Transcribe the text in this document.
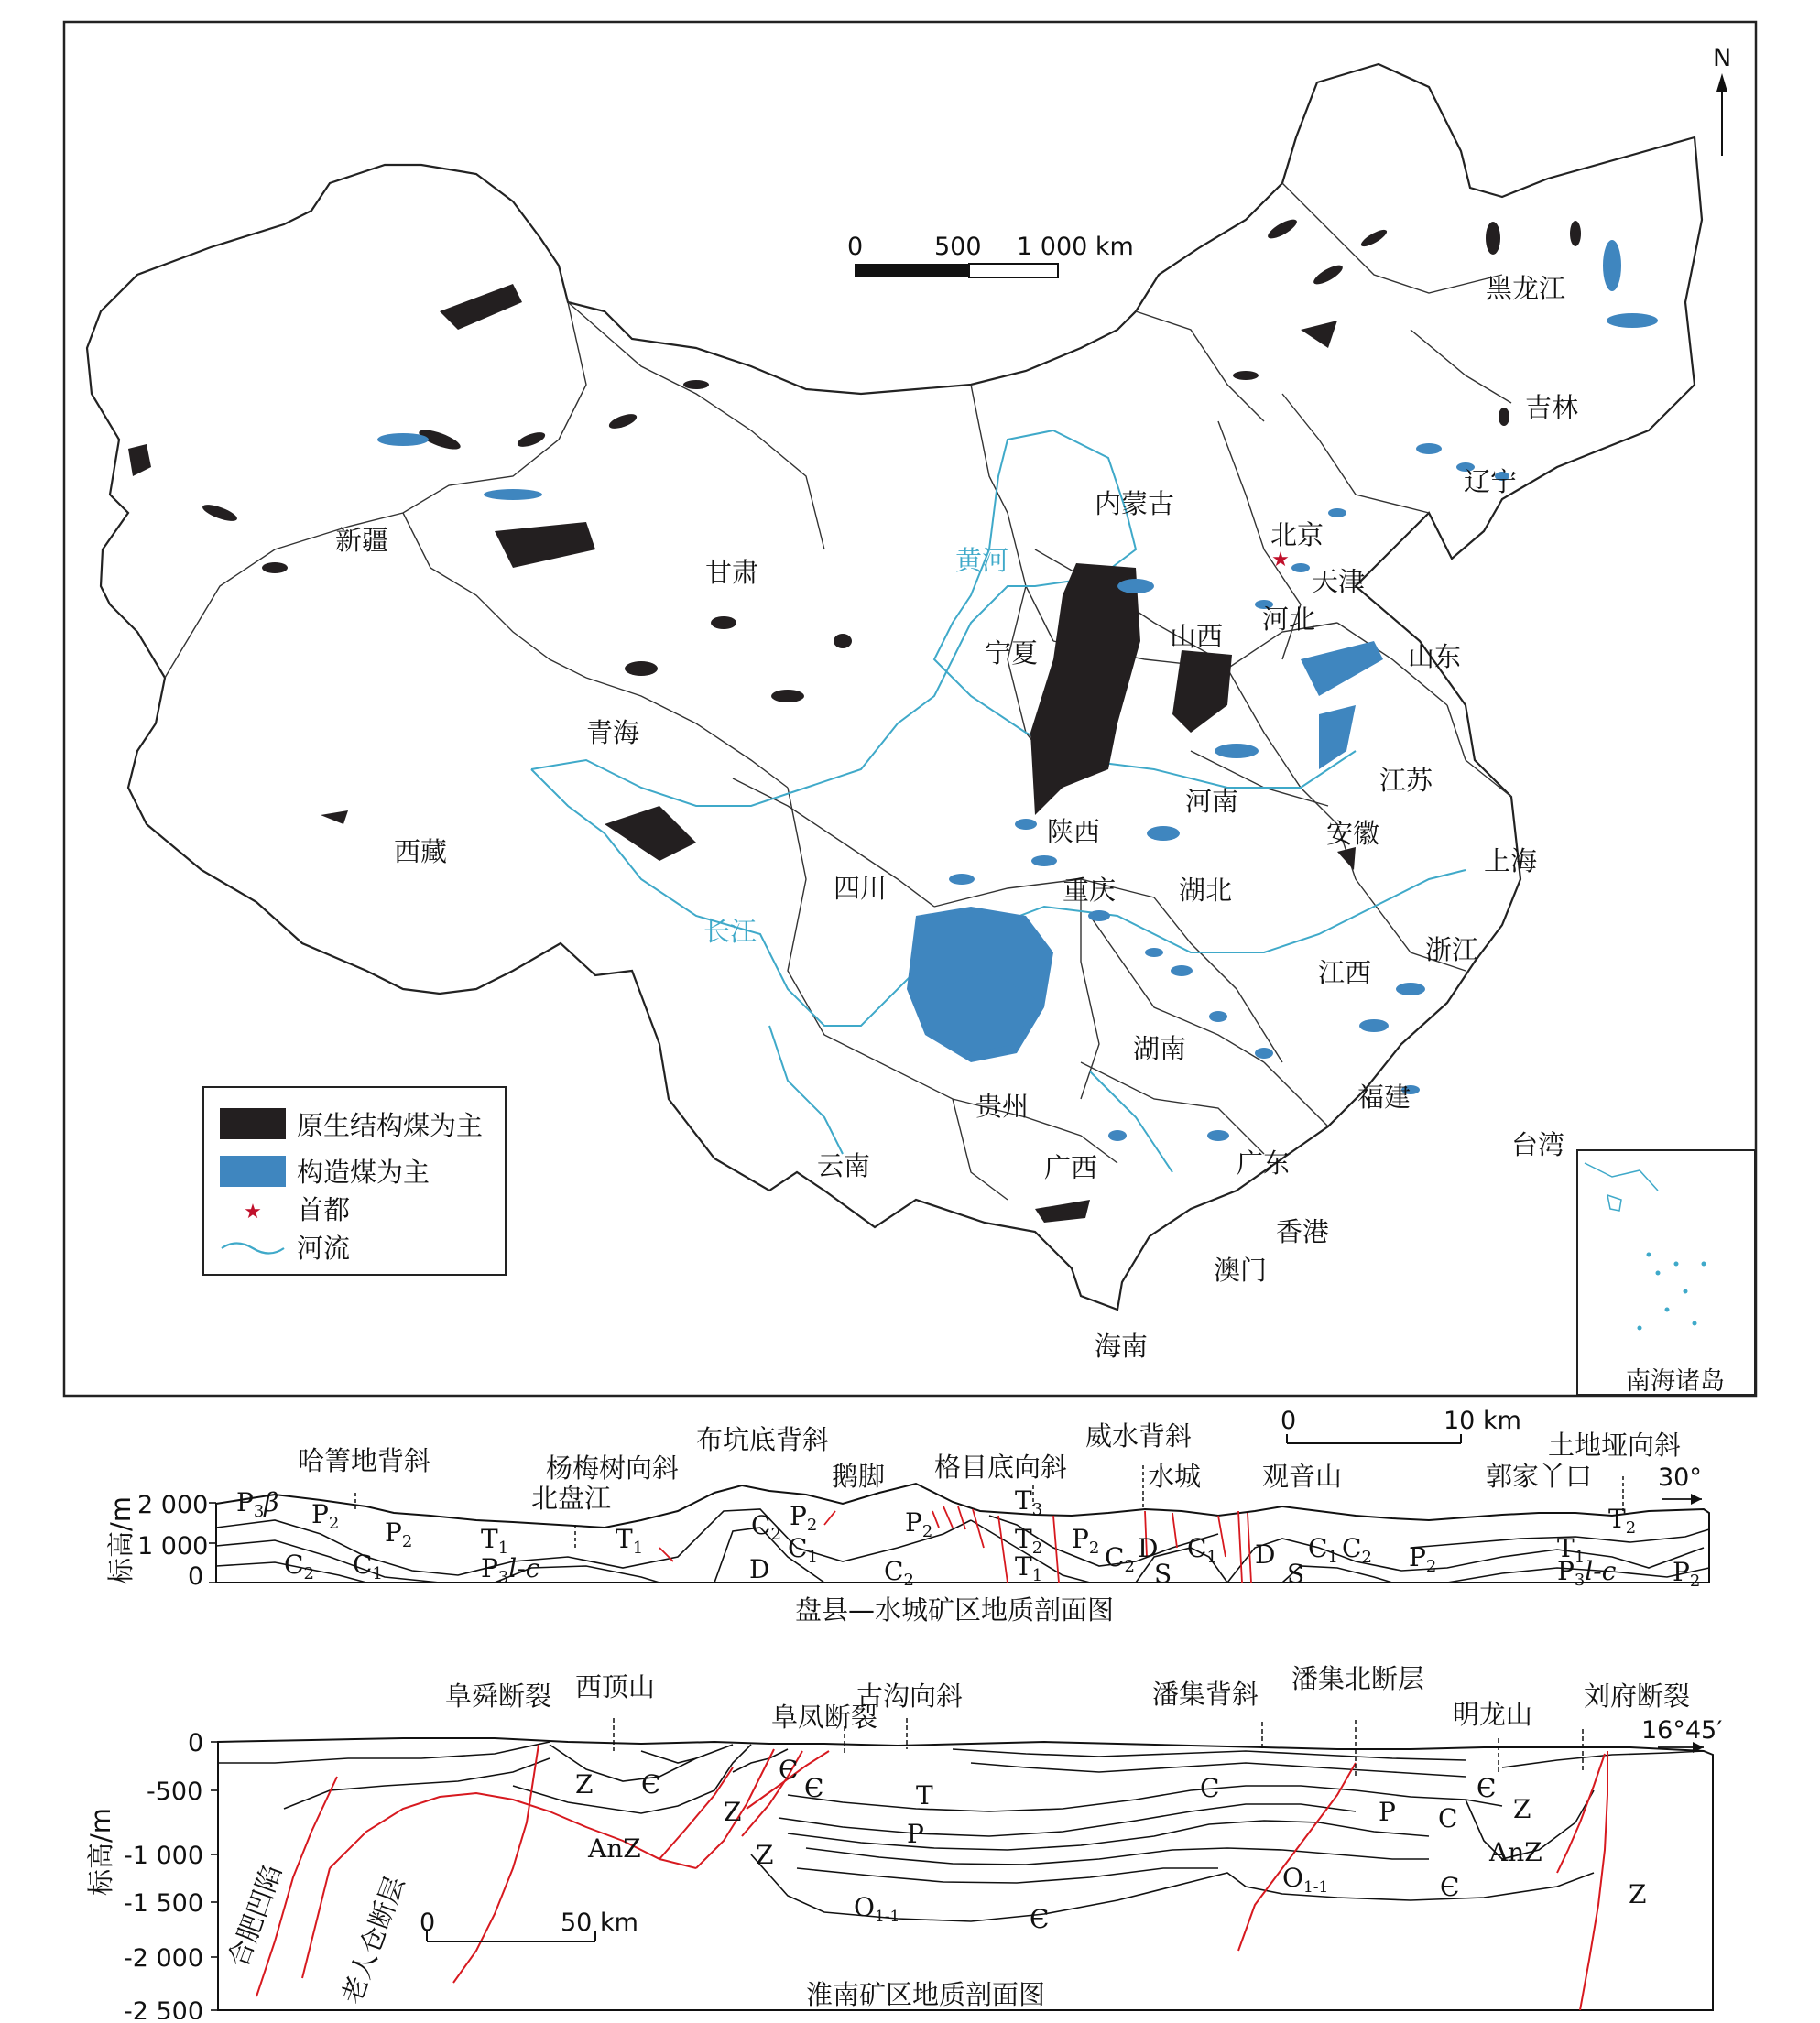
★
新疆
西藏
青海
甘肃
内蒙古
宁夏
山西
陕西
四川	重庆
云南
贵州
广西	广东
海南
湖南
湖北
河南
河北
北京
天津
山东
江苏
安徽
上海
浙江
江西
福建
台湾
香港
澳门
辽宁
吉林
黑龙江
黄河
长江
0	500 1 000 km
N
南海诸岛
原生结构煤为主
构造煤为主
★ 首都
河流
标高/m 2 000
1 000
0
哈箐地背斜	杨梅树向斜
北盘江
布坑底背斜
鹅脚 格目底向斜
威水背斜
水城 观音山	郭家丫口
土地垭向斜
0	10 km
30°
$P_3\beta$ $P_2$ $P_2$	$T_1$
$C_2$ $C_1$	$P_3l-c$
$T_1$
$C_2$
$P_2$
$C_1$
D	$C_2$
$P_2$
$T_3$
$T_2$
$T_1$
$P_2$ $C_2$
D $C_1$
S
D
S
$C_1$ $C_2$ $P_2$
$T_1$
$T_2$
$P_3l-c$ $P_2$
盘县—水城矿区地质剖面图
标高/m
0
-500
-1 000
-1 500
-2 000
-2 500
阜舜断裂 西顶山
阜凤断裂
古沟向斜	潘集背斜 潘集北断层
明龙山
刘府断裂
合肥凹陷 老人仓断层 0	50 km
16°45′
Z Є
AnZ
Z
Z
Є
Є	T
P
C
P C
Є
Z
AnZ
Z
Є
Є
$O_{1-1}$
$O_{1-1}$
淮南矿区地质剖面图
